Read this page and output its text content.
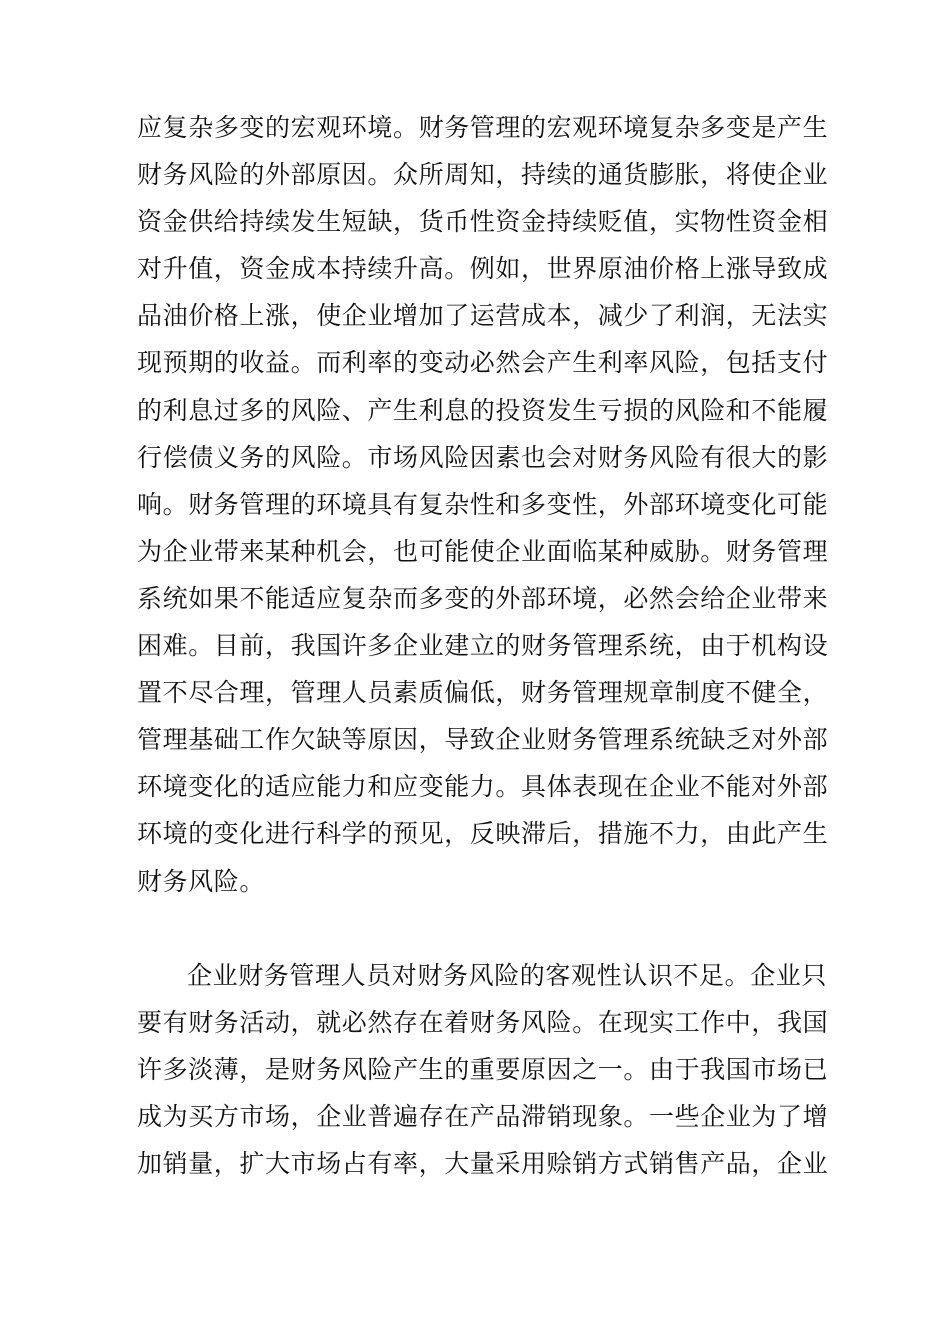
应复杂多变的宏观环境。财务管理的宏观环境复杂多变是产生
财务风险的外部原因。众所周知，持续的通货膨胀，将使企业
资金供给持续发生短缺，货币性资金持续贬值，实物性资金相
对升值，资金成本持续升高。例如，世界原油价格上涨导致成
品油价格上涨，使企业增加了运营成本，减少了利润，无法实
现预期的收益。而利率的变动必然会产生利率风险，包括支付
的利息过多的风险、产生利息的投资发生亏损的风险和不能履
行偿债义务的风险。市场风险因素也会对财务风险有很大的影
响。财务管理的环境具有复杂性和多变性，外部环境变化可能
为企业带来某种机会，也可能使企业面临某种威胁。财务管理
系统如果不能适应复杂而多变的外部环境，必然会给企业带来
困难。目前，我国许多企业建立的财务管理系统，由于机构设
置不尽合理，管理人员素质偏低，财务管理规章制度不健全，
管理基础工作欠缺等原因，导致企业财务管理系统缺乏对外部
环境变化的适应能力和应变能力。具体表现在企业不能对外部
环境的变化进行科学的预见，反映滞后，措施不力，由此产生
财务风险。
企业财务管理人员对财务风险的客观性认识不足。企业只
要有财务活动，就必然存在着财务风险。在现实工作中，我国
许多淡薄，是财务风险产生的重要原因之一。由于我国市场已
成为买方市场，企业普遍存在产品滞销现象。一些企业为了增
加销量，扩大市场占有率，大量采用赊销方式销售产品，企业
